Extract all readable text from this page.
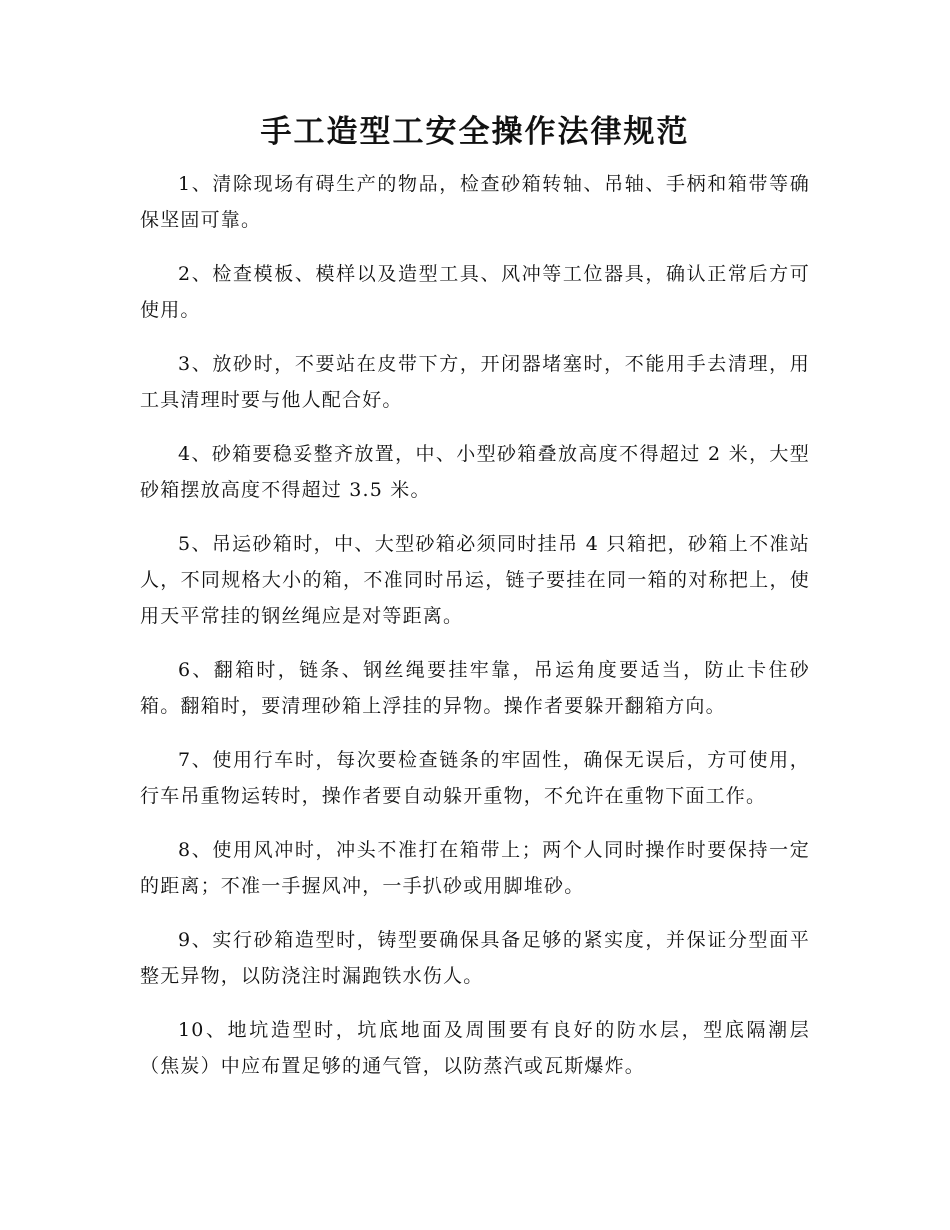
手工造型工安全操作法律规范

1、清除现场有碍生产的物品，检查砂箱转轴、吊轴、手柄和箱带等确保坚固可靠。

2、检查模板、模样以及造型工具、风冲等工位器具，确认正常后方可使用。

3、放砂时，不要站在皮带下方，开闭器堵塞时，不能用手去清理，用工具清理时要与他人配合好。

4、砂箱要稳妥整齐放置，中、小型砂箱叠放高度不得超过 2 米，大型砂箱摆放高度不得超过 3.5 米。

5、吊运砂箱时，中、大型砂箱必须同时挂吊 4 只箱把，砂箱上不准站人，不同规格大小的箱，不准同时吊运，链子要挂在同一箱的对称把上，使用天平常挂的钢丝绳应是对等距离。

6、翻箱时，链条、钢丝绳要挂牢靠，吊运角度要适当，防止卡住砂箱。翻箱时，要清理砂箱上浮挂的异物。操作者要躲开翻箱方向。

7、使用行车时，每次要检查链条的牢固性，确保无误后，方可使用，行车吊重物运转时，操作者要自动躲开重物，不允许在重物下面工作。

8、使用风冲时，冲头不准打在箱带上；两个人同时操作时要保持一定的距离；不准一手握风冲，一手扒砂或用脚堆砂。

9、实行砂箱造型时，铸型要确保具备足够的紧实度，并保证分型面平整无异物，以防浇注时漏跑铁水伤人。

10、地坑造型时，坑底地面及周围要有良好的防水层，型底隔潮层（焦炭）中应布置足够的通气管，以防蒸汽或瓦斯爆炸。
